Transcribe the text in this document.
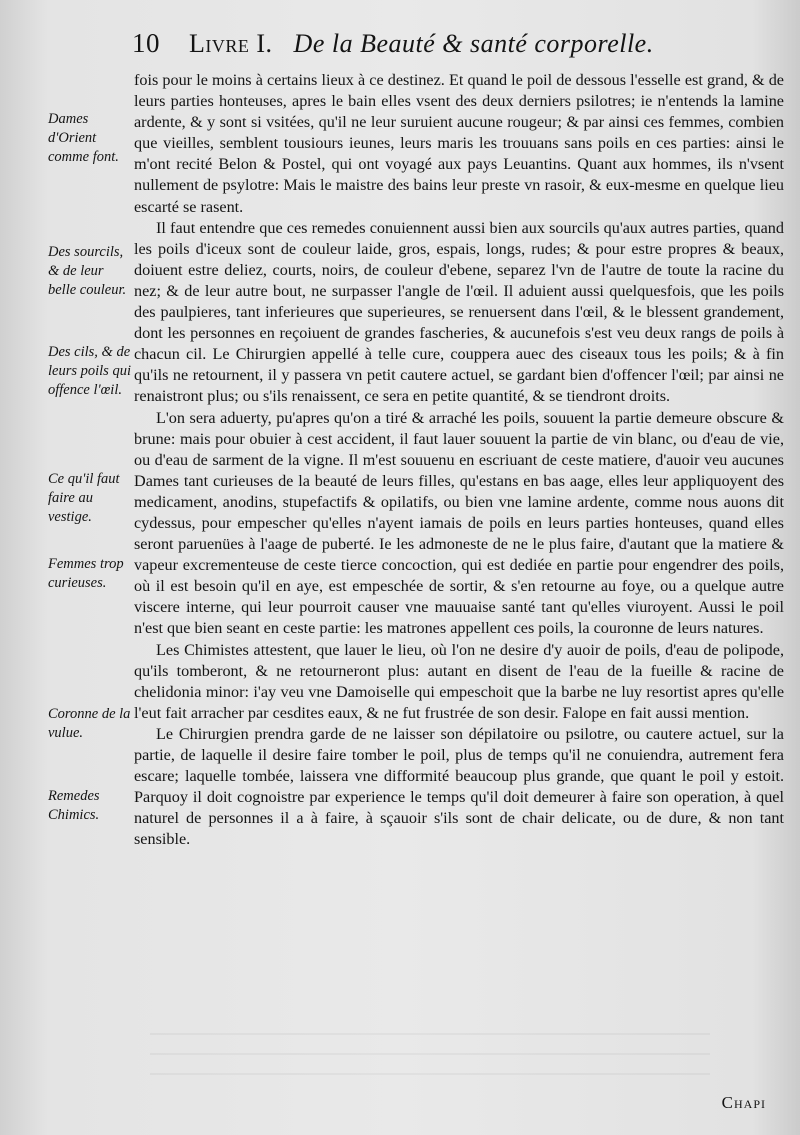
10 Livre I. De la Beauté & santé corporelle.
Dames d'Orient comme font.
Des sourcils, & de leur belle couleur.
Des cils, & de leurs poils qui offence l'œil.
Ce qu'il faut faire au vestige.
Femmes trop curieuses.
Coronne de la vulue.
Remedes Chimics.

fois pour le moins à certains lieux à ce destinez. Et quand le poil de dessous l'esselle est grand, & de leurs parties honteuses, apres le bain elles vsent des deux derniers psilotres; ie n'entends la lamine ardente, & y sont si vsitées, qu'il ne leur suruient aucune rougeur; & par ainsi ces femmes, combien que vieilles, semblent tousiours ieunes, leurs maris les trouuans sans poils en ces parties: ainsi le m'ont recité Belon & Postel, qui ont voyagé aux pays Leuantins. Quant aux hommes, ils n'vsent nullement de psylotre: Mais le maistre des bains leur preste vn rasoir, & eux-mesme en quelque lieu escarté se rasent.

Il faut entendre que ces remedes conuiennent aussi bien aux sourcils qu'aux autres parties, quand les poils d'iceux sont de couleur laide, gros, espais, longs, rudes; & pour estre propres & beaux, doiuent estre deliez, courts, noirs, de couleur d'ebene, separez l'vn de l'autre de toute la racine du nez; & de leur autre bout, ne surpasser l'angle de l'œil. Il aduient aussi quelquesfois, que les poils des paulpieres, tant inferieures que superieures, se renuersent dans l'œil, & le blessent grandement, dont les personnes en reçoiuent de grandes fascheries, & aucunefois s'est veu deux rangs de poils à chacun cil. Le Chirurgien appellé à telle cure, couppera auec des ciseaux tous les poils; & à fin qu'ils ne retournent, il y passera vn petit cautere actuel, se gardant bien d'offencer l'œil; par ainsi ne renaistront plus; ou s'ils renaissent, ce sera en petite quantité, & se tiendront droits.

L'on sera aduerty, pu'apres qu'on a tiré & arraché les poils, souuent la partie demeure obscure & brune: mais pour obuier à cest accident, il faut lauer souuent la partie de vin blanc, ou d'eau de vie, ou d'eau de sarment de la vigne. Il m'est souuenu en escriuant de ceste matiere, d'auoir veu aucunes Dames tant curieuses de la beauté de leurs filles, qu'estans en bas aage, elles leur appliquoyent des medicament, anodins, stupefactifs & opilatifs, ou bien vne lamine ardente, comme nous auons dit cydessus, pour empescher qu'elles n'ayent iamais de poils en leurs parties honteuses, quand elles seront paruenües à l'aage de puberté. Ie les admoneste de ne le plus faire, d'autant que la matiere & vapeur excrementeuse de ceste tierce concoction, qui est dediée en partie pour engendrer des poils, où il est besoin qu'il en aye, est empeschée de sortir, & s'en retourne au foye, ou a quelque autre viscere interne, qui leur pourroit causer vne mauuaise santé tant qu'elles viuroyent. Aussi le poil n'est que bien seant en ceste partie: les matrones appellent ces poils, la couronne de leurs natures.

Les Chimistes attestent, que lauer le lieu, où l'on ne desire d'y auoir de poils, d'eau de polipode, qu'ils tomberont, & ne retourneront plus: autant en disent de l'eau de la fueille & racine de chelidonia minor: i'ay veu vne Damoiselle qui empeschoit que la barbe ne luy resortist apres qu'elle l'eut fait arracher par cesdites eaux, & ne fut frustrée de son desir. Falope en fait aussi mention.

Le Chirurgien prendra garde de ne laisser son dépilatoire ou psilotre, ou cautere actuel, sur la partie, de laquelle il desire faire tomber le poil, plus de temps qu'il ne conuiendra, autrement fera escare; laquelle tombée, laissera vne difformité beaucoup plus grande, que quant le poil y estoit. Parquoy il doit cognoistre par experience le temps qu'il doit demeurer à faire son operation, à quel naturel de personnes il a à faire, à sçauoir s'ils sont de chair delicate, ou de dure, & non tant sensible.

Chapi
